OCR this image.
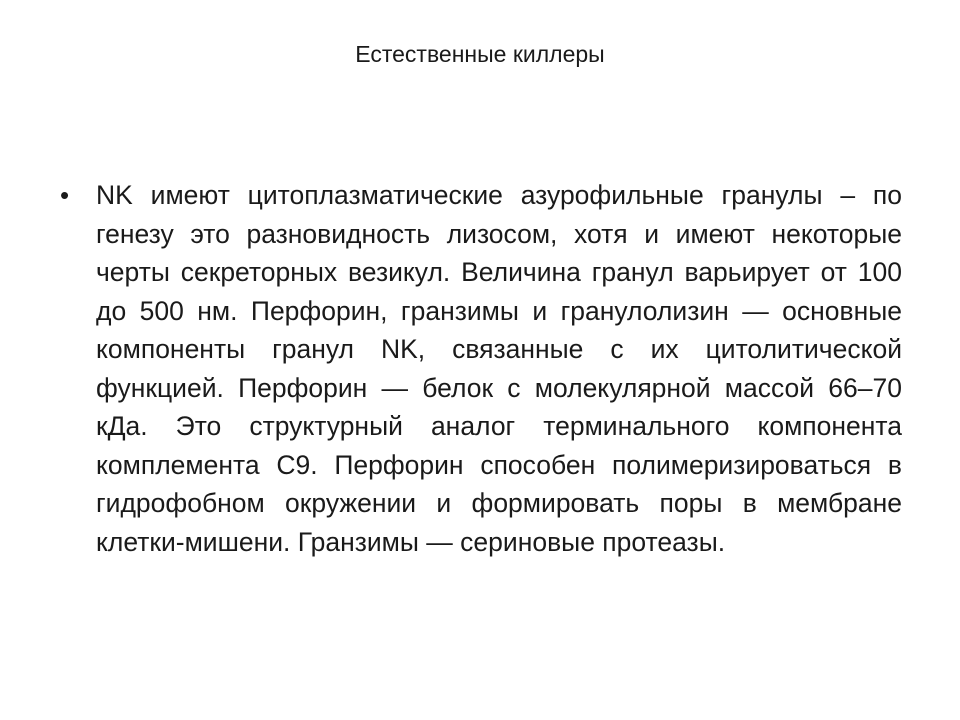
Естественные киллеры
•	NK имеют цитоплазматические азурофильные гранулы – по генезу это разновидность лизосом, хотя и имеют некоторые черты секреторных везикул. Величина гранул варьирует от 100 до 500 нм. Перфорин, гранзимы и гранулолизин — основные компоненты гранул NK, связанные с их цитолитической функцией. Перфорин — белок с молекулярной массой 66–70 кДа. Это структурный аналог терминального компонента комплемента С9. Перфорин способен полимеризироваться в гидрофобном окружении и формировать поры в мембране клетки-мишени. Гранзимы — сериновые протеазы.
